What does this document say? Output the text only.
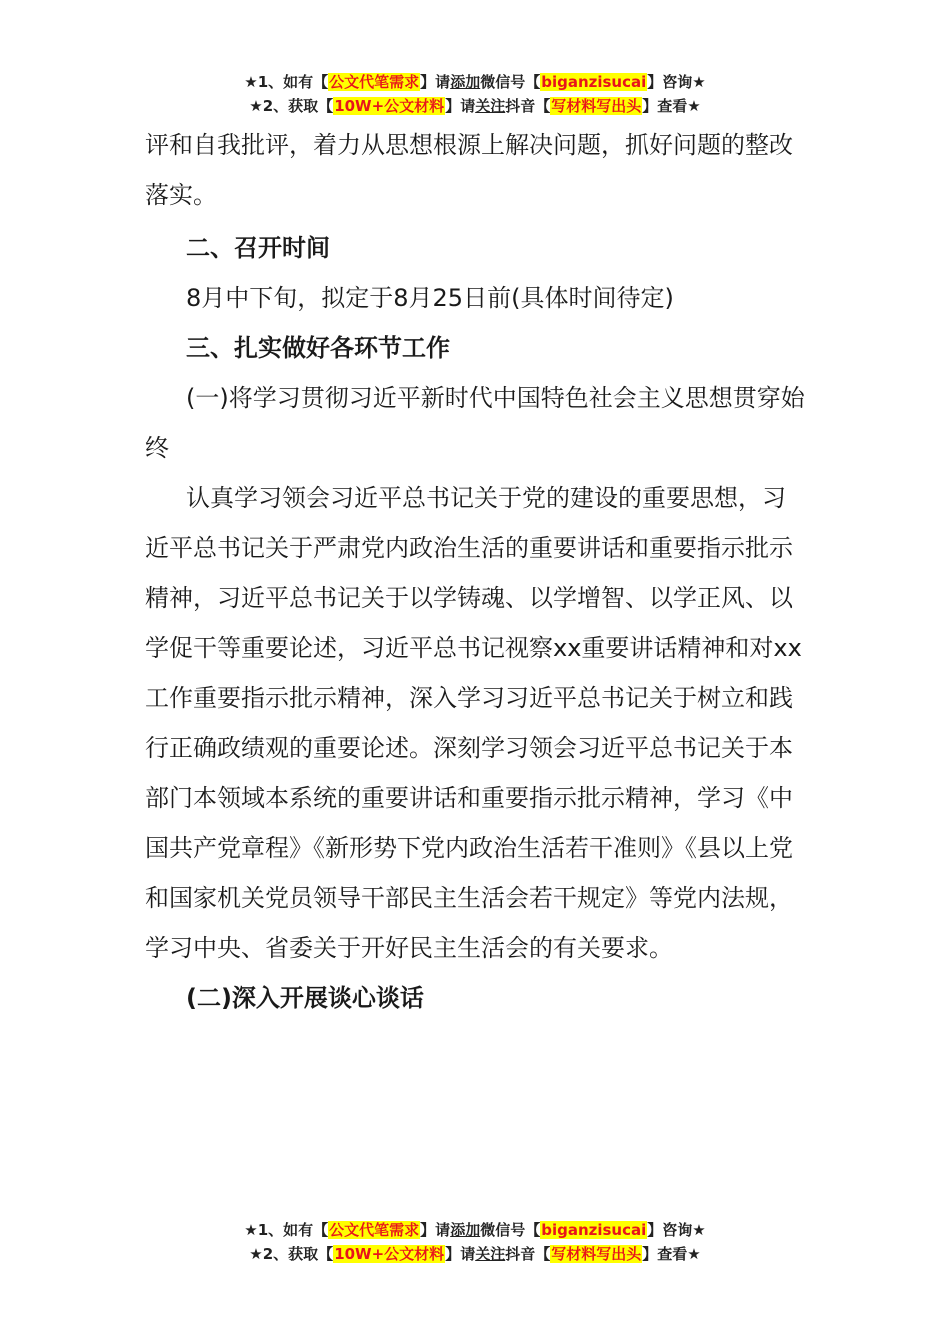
★1、如有【公文代笔需求】请添加微信号【biganzisucai】咨询★
★2、获取【10W+公文材料】请关注抖音【写材料写出头】查看★

评和自我批评，着力从思想根源上解决问题，抓好问题的整改落实。

二、召开时间

8月中下旬，拟定于8月25日前(具体时间待定)

三、扎实做好各环节工作

(一)将学习贯彻习近平新时代中国特色社会主义思想贯穿始终

认真学习领会习近平总书记关于党的建设的重要思想，习近平总书记关于严肃党内政治生活的重要讲话和重要指示批示精神，习近平总书记关于以学铸魂、以学增智、以学正风、以学促干等重要论述，习近平总书记视察xx重要讲话精神和对xx工作重要指示批示精神，深入学习习近平总书记关于树立和践行正确政绩观的重要论述。深刻学习领会习近平总书记关于本部门本领域本系统的重要讲话和重要指示批示精神，学习《中国共产党章程》《新形势下党内政治生活若干准则》《县以上党和国家机关党员领导干部民主生活会若干规定》等党内法规，学习中央、省委关于开好民主生活会的有关要求。

(二)深入开展谈心谈话

★1、如有【公文代笔需求】请添加微信号【biganzisucai】咨询★
★2、获取【10W+公文材料】请关注抖音【写材料写出头】查看★
